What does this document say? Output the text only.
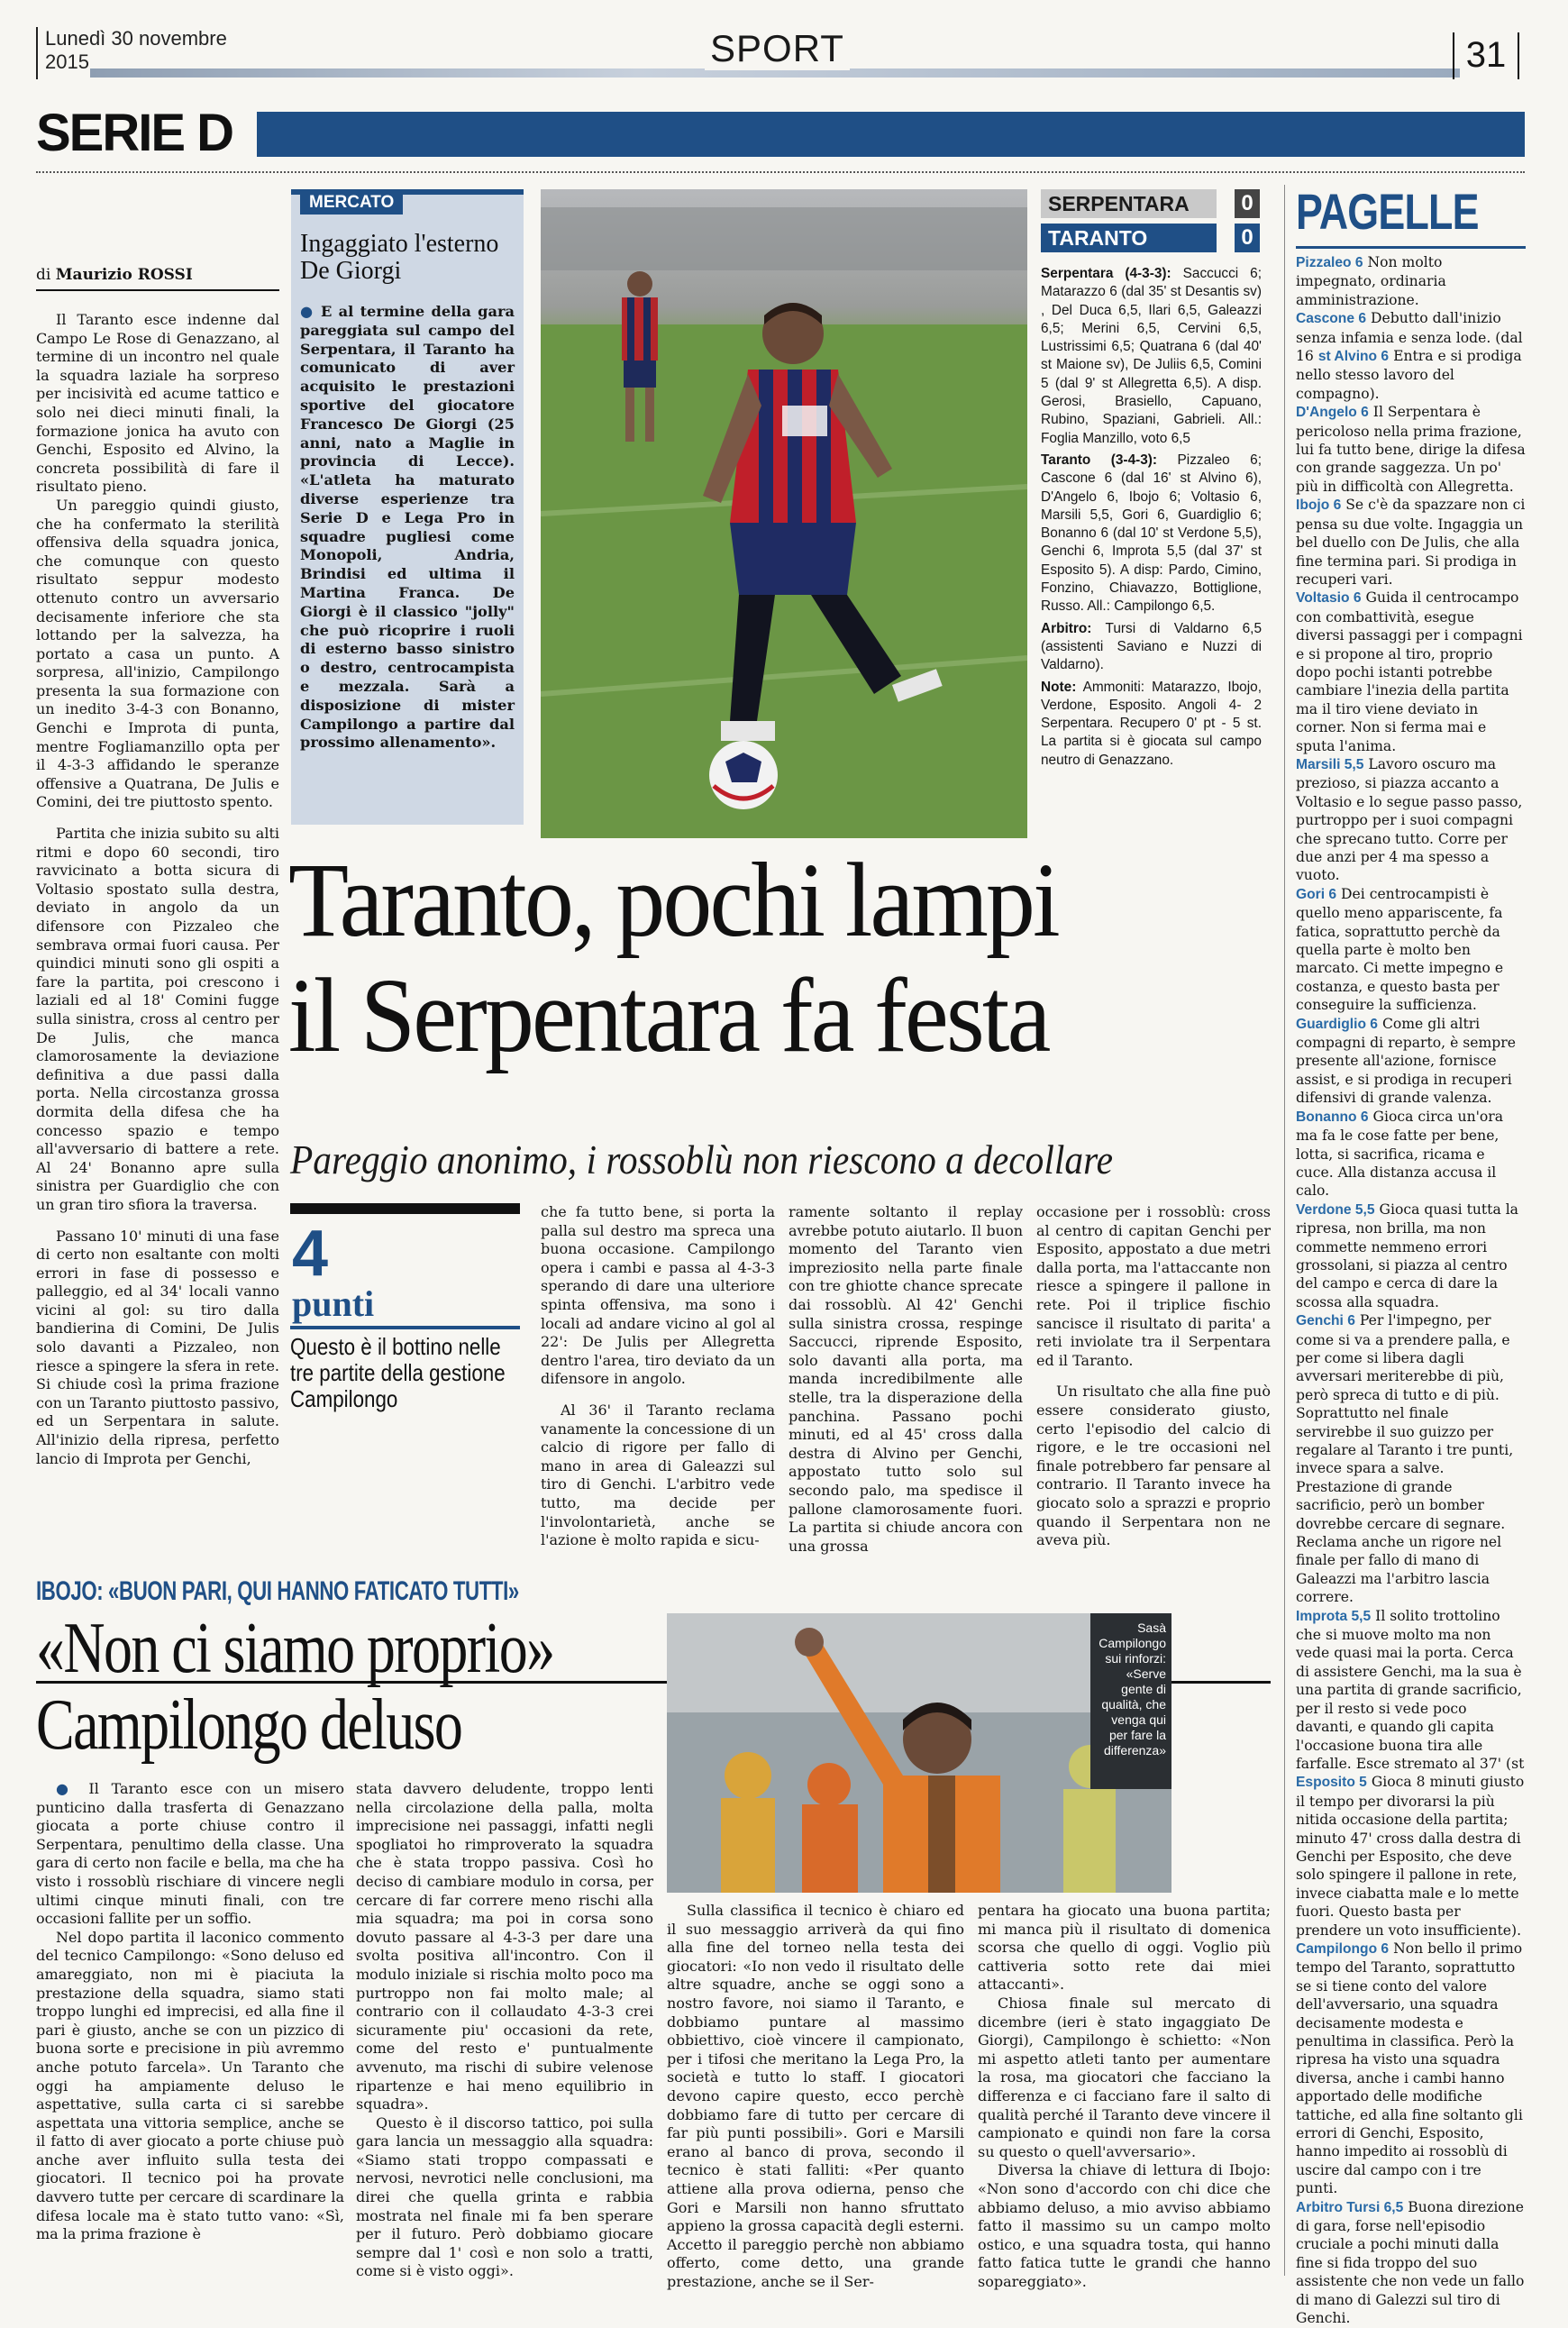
Lunedì 30 novembre
2015	SPORT	31
SERIE D
di Maurizio ROSSI

Il Taranto esce indenne dal Campo Le Rose di Genazzano, al termine di un incontro nel quale la squadra laziale ha sorpreso per incisività ed acume tattico e solo nei dieci minuti finali, la formazione jonica ha avuto con Genchi, Esposito ed Alvino, la concreta possibilità di fare il risultato pieno.

Un pareggio quindi giusto, che ha confermato la sterilità offensiva della squadra jonica, che comunque con questo risultato seppur modesto ottenuto contro un avversario decisamente inferiore che sta lottando per la salvezza, ha portato a casa un punto. A sorpresa, all'inizio, Campilongo presenta la sua formazione con un inedito 3-4-3 con Bonanno, Genchi e Improta di punta, mentre Fogliamanzillo opta per il 4-3-3 affidando le speranze offensive a Quatrana, De Julis e Comini, dei tre piuttosto spento.

Partita che inizia subito su alti ritmi e dopo 60 secondi, tiro ravvicinato a botta sicura di Voltasio spostato sulla destra, deviato in angolo da un difensore con Pizzaleo che sembrava ormai fuori causa. Per quindici minuti sono gli ospiti a fare la partita, poi crescono i laziali ed al 18' Comini fugge sulla sinistra, cross al centro per De Julis, che manca clamorosamente la deviazione definitiva a due passi dalla porta. Nella circostanza grossa dormita della difesa che ha concesso spazio e tempo all'avversario di battere a rete. Al 24' Bonanno apre sulla sinistra per Guardiglio che con un gran tiro sfiora la traversa.

Passano 10' minuti di una fase di certo non esaltante con molti errori in fase di possesso e palleggio, ed al 34' locali vanno vicini al gol: su tiro dalla bandierina di Comini, De Julis solo davanti a Pizzaleo, non riesce a spingere la sfera in rete. Si chiude così la prima frazione con un Taranto piuttosto passivo, ed un Serpentara in salute. All'inizio della ripresa, perfetto lancio di Improta per Genchi,

MERCATO
Ingaggiato l'esterno De Giorgi
● E al termine della gara pareggiata sul campo del Serpentara, il Taranto ha comunicato di aver acquisito le prestazioni sportive del giocatore Francesco De Giorgi (25 anni, nato a Maglie in provincia di Lecce). «L'atleta ha maturato diverse esperienze tra Serie D e Lega Pro in squadre pugliesi come Monopoli, Andria, Brindisi ed ultima il Martina Franca. De Giorgi è il classico "jolly" che può ricoprire i ruoli di esterno basso sinistro o destro, centrocampista e mezzala. Sarà a disposizione di mister Campilongo a partire dal prossimo allenamento».
SERPENTARA	0
TARANTO	0

Serpentara (4-3-3): Saccucci 6; Matarazzo 6 (dal 35' st Desantis sv) , Del Duca 6,5, Ilari 6,5, Galeazzi 6,5; Merini 6,5, Cervini 6,5, Lustrissimi 6,5; Quatrana 6 (dal 40' st Maione sv), De Juliis 6,5, Comini 5 (dal 9' st Allegretta 6,5). A disp. Gerosi, Brasiello, Capuano, Rubino, Spaziani, Gabrieli. All.: Foglia Manzillo, voto 6,5

Taranto (3-4-3): Pizzaleo 6; Cascone 6 (dal 16' st Alvino 6), D'Angelo 6, Ibojo 6; Voltasio 6, Marsili 5,5, Gori 6, Guardiglio 6; Bonanno 6 (dal 10' st Verdone 5,5), Genchi 6, Improta 5,5 (dal 37' st Esposito 5). A disp: Pardo, Cimino, Fonzino, Chiavazzo, Bottiglione, Russo. All.: Campilongo 6,5.

Arbitro: Tursi di Valdarno 6,5 (assistenti Saviano e Nuzzi di Valdarno).

Note: Ammoniti: Matarazzo, Ibojo, Verdone, Esposito. Angoli 4- 2 Serpentara. Recupero 0' pt - 5 st. La partita si è giocata sul campo neutro di Genazzano.

Taranto, pochi lampi
il Serpentara fa festa
Pareggio anonimo, i rossoblù non riescono a decollare
4
punti
Questo è il bottino nelle tre partite della gestione Campilongo

che fa tutto bene, si porta la palla sul destro ma spreca una buona occasione. Campilongo opera i cambi e passa al 4-3-3 sperando di dare una ulteriore spinta offensiva, ma sono i locali ad andare vicino al gol al 22': De Julis per Allegretta dentro l'area, tiro deviato da un difensore in angolo.

Al 36' il Taranto reclama vanamente la concessione di un calcio di rigore per fallo di mano in area di Galeazzi sul tiro di Genchi. L'arbitro vede tutto, ma decide per l'involontarietà, anche se l'azione è molto rapida e sicu-

ramente soltanto il replay avrebbe potuto aiutarlo. Il buon momento del Taranto vien impreziosito nella parte finale con tre ghiotte chance sprecate dai rossoblù. Al 42' Genchi sulla sinistra crossa, respinge Saccucci, riprende Esposito, solo davanti alla porta, ma manda incredibilmente alle stelle, tra la disperazione della panchina. Passano pochi minuti, ed al 45' cross dalla destra di Alvino per Genchi, appostato tutto solo sul secondo palo, ma spedisce il pallone clamorosamente fuori. La partita si chiude ancora con una grossa

occasione per i rossoblù: cross al centro di capitan Genchi per Esposito, appostato a due metri dalla porta, ma l'attaccante non riesce a spingere il pallone in rete. Poi il triplice fischio sancisce il risultato di parita' a reti inviolate tra il Serpentara ed il Taranto.

Un risultato che alla fine può essere considerato giusto, certo l'episodio del calcio di rigore, e le tre occasioni nel finale potrebbero far pensare al contrario. Il Taranto invece ha giocato solo a sprazzi e proprio quando il Serpentara non ne aveva più.

PAGELLE

Pizzaleo 6 Non molto impegnato, ordinaria amministrazione.

Cascone 6 Debutto dall'inizio senza infamia e senza lode. (dal 16 st Alvino 6 Entra e si prodiga nello stesso lavoro del compagno).

D'Angelo 6 Il Serpentara è pericoloso nella prima frazione, lui fa tutto bene, dirige la difesa con grande saggezza. Un po' più in difficoltà con Allegretta.

Ibojo 6 Se c'è da spazzare non ci pensa su due volte. Ingaggia un bel duello con De Julis, che alla fine termina pari. Si prodiga in recuperi vari.

Voltasio 6 Guida il centrocampo con combattività, esegue diversi passaggi per i compagni e si propone al tiro, proprio dopo pochi istanti potrebbe cambiare l'inezia della partita ma il tiro viene deviato in corner. Non si ferma mai e sputa l'anima.

Marsili 5,5 Lavoro oscuro ma prezioso, si piazza accanto a Voltasio e lo segue passo passo, purtroppo per i suoi compagni che sprecano tutto. Corre per due anzi per 4 ma spesso a vuoto.

Gori 6 Dei centrocampisti è quello meno appariscente, fa fatica, soprattutto perchè da quella parte è molto ben marcato. Ci mette impegno e costanza, e questo basta per conseguire la sufficienza.

Guardiglio 6 Come gli altri compagni di reparto, è sempre presente all'azione, fornisce assist, e si prodiga in recuperi difensivi di grande valenza.

Bonanno 6 Gioca circa un'ora ma fa le cose fatte per bene, lotta, si sacrifica, ricama e cuce. Alla distanza accusa il calo.

Verdone 5,5 Gioca quasi tutta la ripresa, non brilla, ma non commette nemmeno errori grossolani, si piazza al centro del campo e cerca di dare la scossa alla squadra.

Genchi 6 Per l'impegno, per come si va a prendere palla, e per come si libera dagli avversari meriterebbe di più, però spreca di tutto e di più. Soprattutto nel finale servirebbe il suo guizzo per regalare al Taranto i tre punti, invece spara a salve. Prestazione di grande sacrificio, però un bomber dovrebbe cercare di segnare. Reclama anche un rigore nel finale per fallo di mano di Galeazzi ma l'arbitro lascia correre.

Improta 5,5 Il solito trottolino che si muove molto ma non vede quasi mai la porta. Cerca di assistere Genchi, ma la sua è una partita di grande sacrificio, per il resto si vede poco davanti, e quando gli capita l'occasione buona tira alle farfalle. Esce stremato al 37' (st Esposito 5 Gioca 8 minuti giusto il tempo per divorarsi la più nitida occasione della partita; minuto 47' cross dalla destra di Genchi per Esposito, che deve solo spingere il pallone in rete, invece ciabatta male e lo mette fuori. Questo basta per prendere un voto insufficiente).

Campilongo 6 Non bello il primo tempo del Taranto, soprattutto se si tiene conto del valore dell'avversario, una squadra decisamente modesta e penultima in classifica. Però la ripresa ha visto una squadra diversa, anche i cambi hanno apportado delle modifiche tattiche, ed alla fine soltanto gli errori di Genchi, Esposito, hanno impedito ai rossoblù di uscire dal campo con i tre punti.

Arbitro Tursi 6,5 Buona direzione di gara, forse nell'episodio cruciale a pochi minuti dalla fine si fida troppo del suo assistente che non vede un fallo di mano di Galezzi sul tiro di Genchi.

IBOJO: «BUON PARI, QUI HANNO FATICATO TUTTI»
«Non ci siamo proprio»
Campilongo deluso
Sasà Campilongo sui rinforzi: «Serve gente di qualità, che venga qui per fare la differenza»

● Il Taranto esce con un misero punticino dalla trasferta di Genazzano giocata a porte chiuse contro il Serpentara, penultimo della classe. Una gara di certo non facile e bella, ma che ha visto i rossoblù rischiare di vincere negli ultimi cinque minuti finali, con tre occasioni fallite per un soffio.

Nel dopo partita il laconico commento del tecnico Campilongo: «Sono deluso ed amareggiato, non mi è piaciuta la prestazione della squadra, siamo stati troppo lunghi ed imprecisi, ed alla fine il pari è giusto, anche se con un pizzico di buona sorte e precisione in più avremmo anche potuto farcela». Un Taranto che oggi ha ampiamente deluso le aspettative, sulla carta ci si sarebbe aspettata una vittoria semplice, anche se il fatto di aver giocato a porte chiuse può anche aver influito sulla testa dei giocatori. Il tecnico poi ha provate davvero tutte per cercare di scardinare la difesa locale ma è stato tutto vano: «Sì, ma la prima frazione è

stata davvero deludente, troppo lenti nella circolazione della palla, molta imprecisione nei passaggi, infatti negli spogliatoi ho rimproverato la squadra che è stata troppo passiva. Così ho deciso di cambiare modulo in corsa, per cercare di far correre meno rischi alla mia squadra; ma poi in corsa sono dovuto passare al 4-3-3 per dare una svolta positiva all'incontro. Con il modulo iniziale si rischia molto poco ma purtroppo non fai molto male; al contrario con il collaudato 4-3-3 crei sicuramente piu' occasioni da rete, come del resto e' puntualmente avvenuto, ma rischi di subire velenose ripartenze e hai meno equilibrio in squadra».

Questo è il discorso tattico, poi sulla gara lancia un messaggio alla squadra: «Siamo stati troppo compassati e nervosi, nevrotici nelle conclusioni, ma direi che quella grinta e rabbia mostrata nel finale mi fa ben sperare per il futuro. Però dobbiamo giocare sempre dal 1' così e non solo a tratti, come si è visto oggi».

Sulla classifica il tecnico è chiaro ed il suo messaggio arriverà da qui fino alla fine del torneo nella testa dei giocatori: «Io non vedo il risultato delle altre squadre, anche se oggi sono a nostro favore, noi siamo il Taranto, e dobbiamo puntare al massimo obbiettivo, cioè vincere il campionato, per i tifosi che meritano la Lega Pro, la società e tutto lo staff. I giocatori devono capire questo, ecco perchè dobbiamo fare di tutto per cercare di far più punti possibili». Gori e Marsili erano al banco di prova, secondo il tecnico è stati falliti: «Per quanto attiene alla prova odierna, penso che Gori e Marsili non hanno sfruttato appieno la grossa capacità degli esterni. Accetto il pareggio perchè non abbiamo offerto, come detto, una grande prestazione, anche se il Ser-

pentara ha giocato una buona partita; mi manca più il risultato di domenica scorsa che quello di oggi. Voglio più cattiveria sotto rete dai miei attaccanti».

Chiosa finale sul mercato di dicembre (ieri è stato ingaggiato De Giorgi), Campilongo è schietto: «Non mi aspetto atleti tanto per aumentare la rosa, ma giocatori che facciano la differenza e ci facciano fare il salto di qualità perché il Taranto deve vincere il campionato e quindi non fare la corsa su questo o quell'avversario».

Diversa la chiave di lettura di Ibojo: «Non sono d'accordo con chi dice che abbiamo deluso, a mio avviso abbiamo fatto il massimo su un campo molto ostico, e una squadra tosta, qui hanno fatto fatica tutte le grandi che hanno sopareggiato».
